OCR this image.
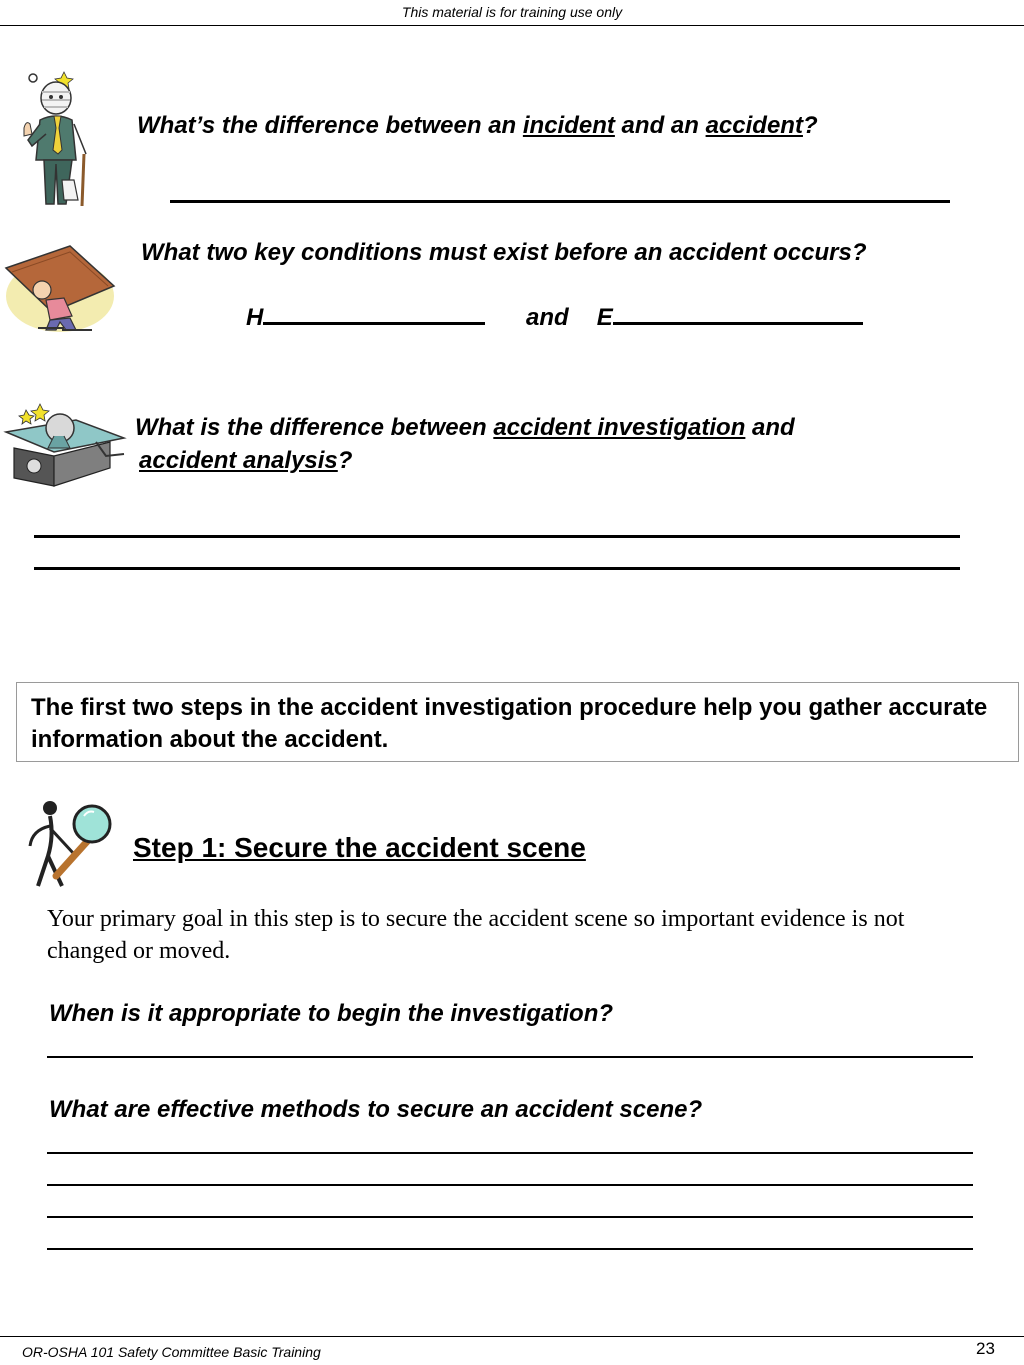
This material is for training use only
What’s the difference between an incident and an accident?
What two key conditions must exist before an accident occurs?
H	and E
What is the difference between accident investigation and
accident analysis?
The first two steps in the accident investigation procedure help you gather accurate information about the accident.
Step 1: Secure the accident scene
Your primary goal in this step is to secure the accident scene so important evidence is not changed or moved.
When is it appropriate to begin the investigation?
What are effective methods to secure an accident scene?
OR-OSHA 101 Safety Committee Basic Training	23
